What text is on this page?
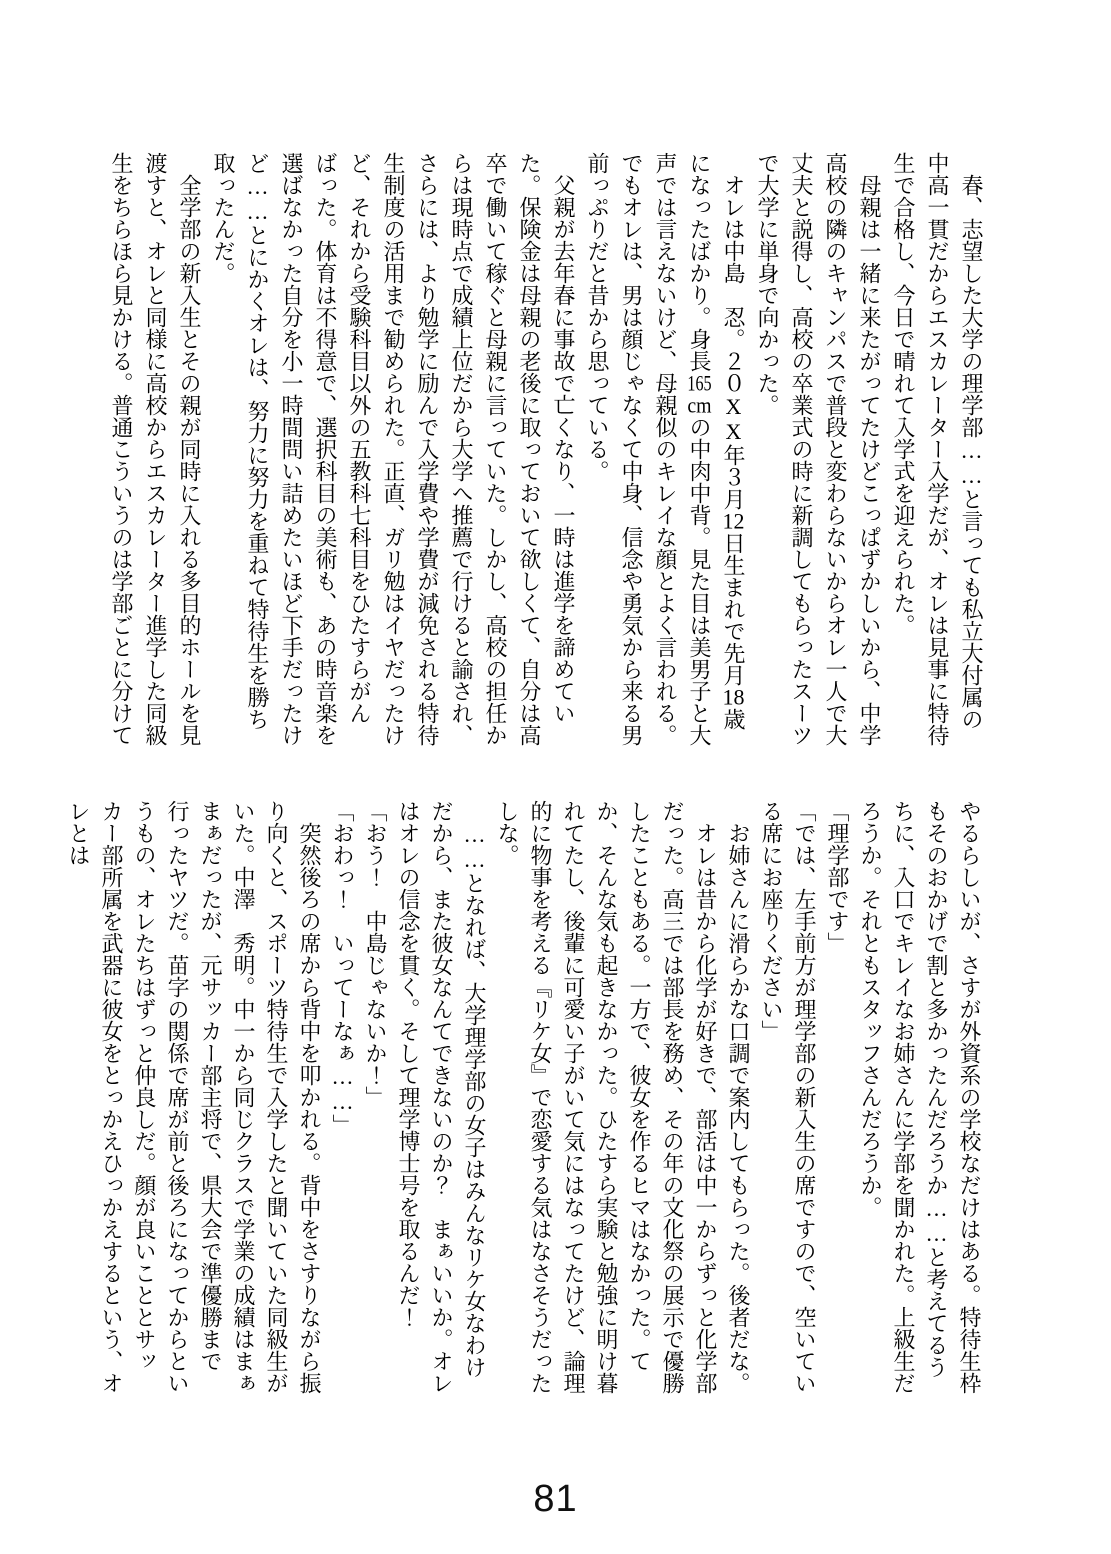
　春、志望した大学の理学部……と言っても私立大付属の中高一貫だからエスカレーター入学だが、オレは見事に特待生で合格し、今日で晴れて入学式を迎えられた。

　母親は一緒に来たがってたけどこっぱずかしいから、中学高校の隣のキャンパスで普段と変わらないからオレ一人で大丈夫と説得し、高校の卒業式の時に新調してもらったスーツで大学に単身で向かった。

　オレは中島　忍。２０XX年３月12日生まれで先月18歳になったばかり。身長165cmの中肉中背。見た目は美男子と大声では言えないけど、母親似のキレイな顔とよく言われる。でもオレは、男は顔じゃなくて中身、信念や勇気から来る男前っぷりだと昔から思っている。

　父親が去年春に事故で亡くなり、一時は進学を諦めていた。保険金は母親の老後に取っておいて欲しくて、自分は高卒で働いて稼ぐと母親に言っていた。しかし、高校の担任からは現時点で成績上位だから大学へ推薦で行けると諭され、さらには、より勉学に励んで入学費や学費が減免される特待生制度の活用まで勧められた。正直、ガリ勉はイヤだったけど、それから受験科目以外の五教科七科目をひたすらがんばった。体育は不得意で、選択科目の美術も、あの時音楽を選ばなかった自分を小一時間問い詰めたいほど下手だったけど……とにかくオレは、努力に努力を重ねて特待生を勝ち取ったんだ。

　全学部の新入生とその親が同時に入れる多目的ホールを見渡すと、オレと同様に高校からエスカレーター進学した同級生をちらほら見かける。普通こういうのは学部ごとに分けて

やるらしいが、さすが外資系の学校なだけはある。特待生枠もそのおかげで割と多かったんだろうか……と考えてるうちに、入口でキレイなお姉さんに学部を聞かれた。上級生だろうか。それともスタッフさんだろうか。

「理学部です」

「では、左手前方が理学部の新入生の席ですので、空いている席にお座りください」

　お姉さんに滑らかな口調で案内してもらった。後者だな。

　オレは昔から化学が好きで、部活は中一からずっと化学部だった。高三では部長を務め、その年の文化祭の展示で優勝したこともある。一方で、彼女を作るヒマはなかった。てか、そんな気も起きなかった。ひたすら実験と勉強に明け暮れてたし、後輩に可愛い子がいて気にはなってたけど、論理的に物事を考える『リケ女』で恋愛する気はなさそうだったしな。

　……となれば、大学理学部の女子はみんなリケ女なわけだから、また彼女なんてできないのか？　まぁいいか。オレはオレの信念を貫く。そして理学博士号を取るんだ！

「おう！　中島じゃないか！」

「おわっ！　いってーなぁ……」

　突然後ろの席から背中を叩かれる。背中をさすりながら振り向くと、スポーツ特待生で入学したと聞いていた同級生がいた。中澤　秀明。中一から同じクラスで学業の成績はまぁまぁだったが、元サッカー部主将で、県大会で準優勝まで行ったヤツだ。苗字の関係で席が前と後ろになってからというもの、オレたちはずっと仲良しだ。顔が良いこととサッカー部所属を武器に彼女をとっかえひっかえするという、オレとは

81
